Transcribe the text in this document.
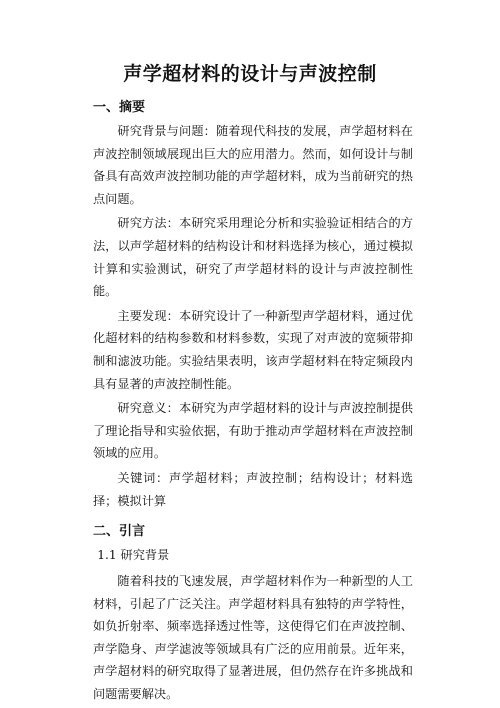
声学超材料的设计与声波控制
一、摘要

研究背景与问题：随着现代科技的发展，声学超材料在声波控制领域展现出巨大的应用潜力。然而，如何设计与制备具有高效声波控制功能的声学超材料，成为当前研究的热点问题。

研究方法：本研究采用理论分析和实验验证相结合的方法，以声学超材料的结构设计和材料选择为核心，通过模拟计算和实验测试，研究了声学超材料的设计与声波控制性能。

主要发现：本研究设计了一种新型声学超材料，通过优化超材料的结构参数和材料参数，实现了对声波的宽频带抑制和滤波功能。实验结果表明，该声学超材料在特定频段内具有显著的声波控制性能。

研究意义：本研究为声学超材料的设计与声波控制提供了理论指导和实验依据，有助于推动声学超材料在声波控制领域的应用。

关键词：声学超材料；声波控制；结构设计；材料选择；模拟计算

二、引言

1.1 研究背景

随着科技的飞速发展，声学超材料作为一种新型的人工材料，引起了广泛关注。声学超材料具有独特的声学特性，如负折射率、频率选择透过性等，这使得它们在声波控制、声学隐身、声学滤波等领域具有广泛的应用前景。近年来，声学超材料的研究取得了显著进展，但仍然存在许多挑战和问题需要解决。
